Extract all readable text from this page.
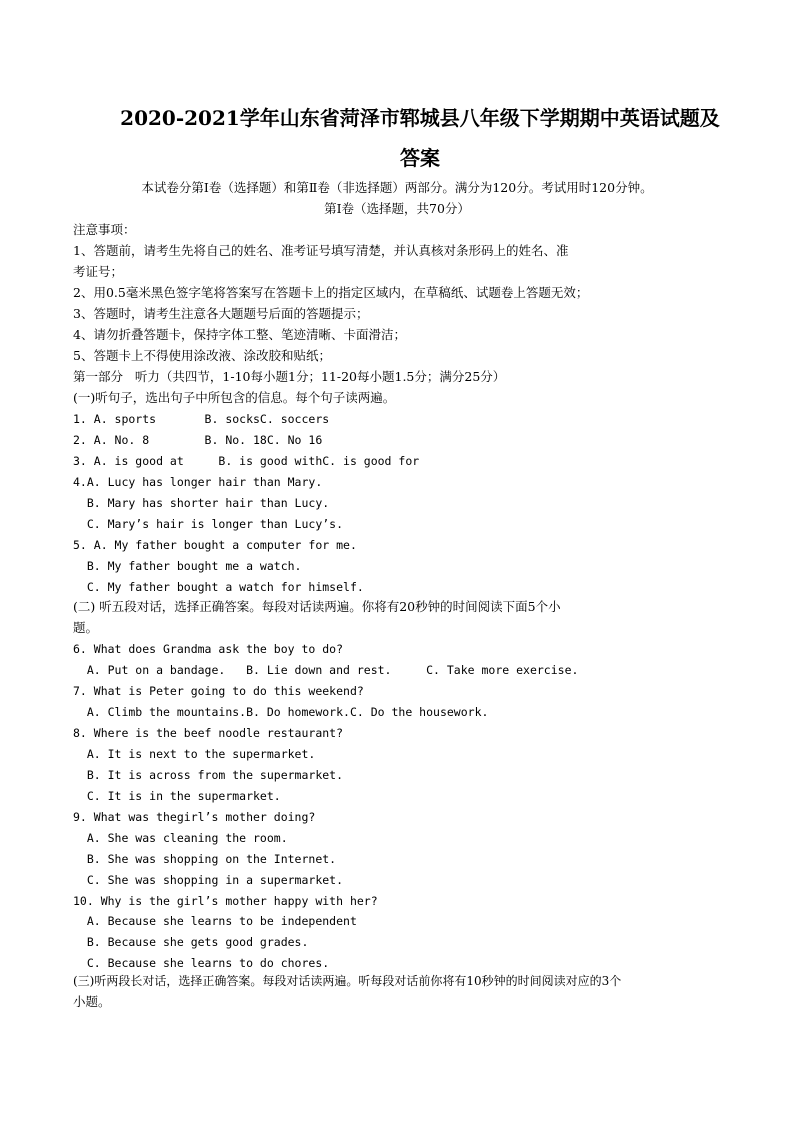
2020-2021学年山东省菏泽市郓城县八年级下学期期中英语试题及
答案
本试卷分第Ⅰ卷（选择题）和第Ⅱ卷（非选择题）两部分。满分为120分。考试用时120分钟。
第Ⅰ卷（选择题，共70分）
注意事项：
1、答题前，请考生先将自己的姓名、准考证号填写清楚，并认真核对条形码上的姓名、准
考证号；
2、用0.5毫米黑色签字笔将答案写在答题卡上的指定区域内，在草稿纸、试题卷上答题无效；
3、答题时，请考生注意各大题题号后面的答题提示；
4、请勿折叠答题卡，保持字体工整、笔迹清晰、卡面滑洁；
5、答题卡上不得使用涂改液、涂改胶和贴纸；
第一部分   听力（共四节，1-10每小题1分；11-20每小题1.5分；满分25分）
(一)听句子，选出句子中所包含的信息。每个句子读两遍。
1. A. sports       B. socksC. soccers
2. A. No. 8        B. No. 18C. No 16
3. A. is good at     B. is good withC. is good for
4.A. Lucy has longer hair than Mary.
B. Mary has shorter hair than Lucy.
C. Mary’s hair is longer than Lucy’s.
5. A. My father bought a computer for me.
B. My father bought me a watch.
C. My father bought a watch for himself.
(二) 听五段对话，选择正确答案。每段对话读两遍。你将有20秒钟的时间阅读下面5个小
题。
6. What does Grandma ask the boy to do?
A. Put on a bandage.   B. Lie down and rest.     C. Take more exercise.
7. What is Peter going to do this weekend?
A. Climb the mountains.B. Do homework.C. Do the housework.
8. Where is the beef noodle restaurant?
A. It is next to the supermarket.
B. It is across from the supermarket.
C. It is in the supermarket.
9. What was thegirl’s mother doing?
A. She was cleaning the room.
B. She was shopping on the Internet.
C. She was shopping in a supermarket.
10. Why is the girl’s mother happy with her?
A. Because she learns to be independent
B. Because she gets good grades.
C. Because she learns to do chores.
(三)听两段长对话，选择正确答案。每段对话读两遍。听每段对话前你将有10秒钟的时间阅读对应的3个
小题。
